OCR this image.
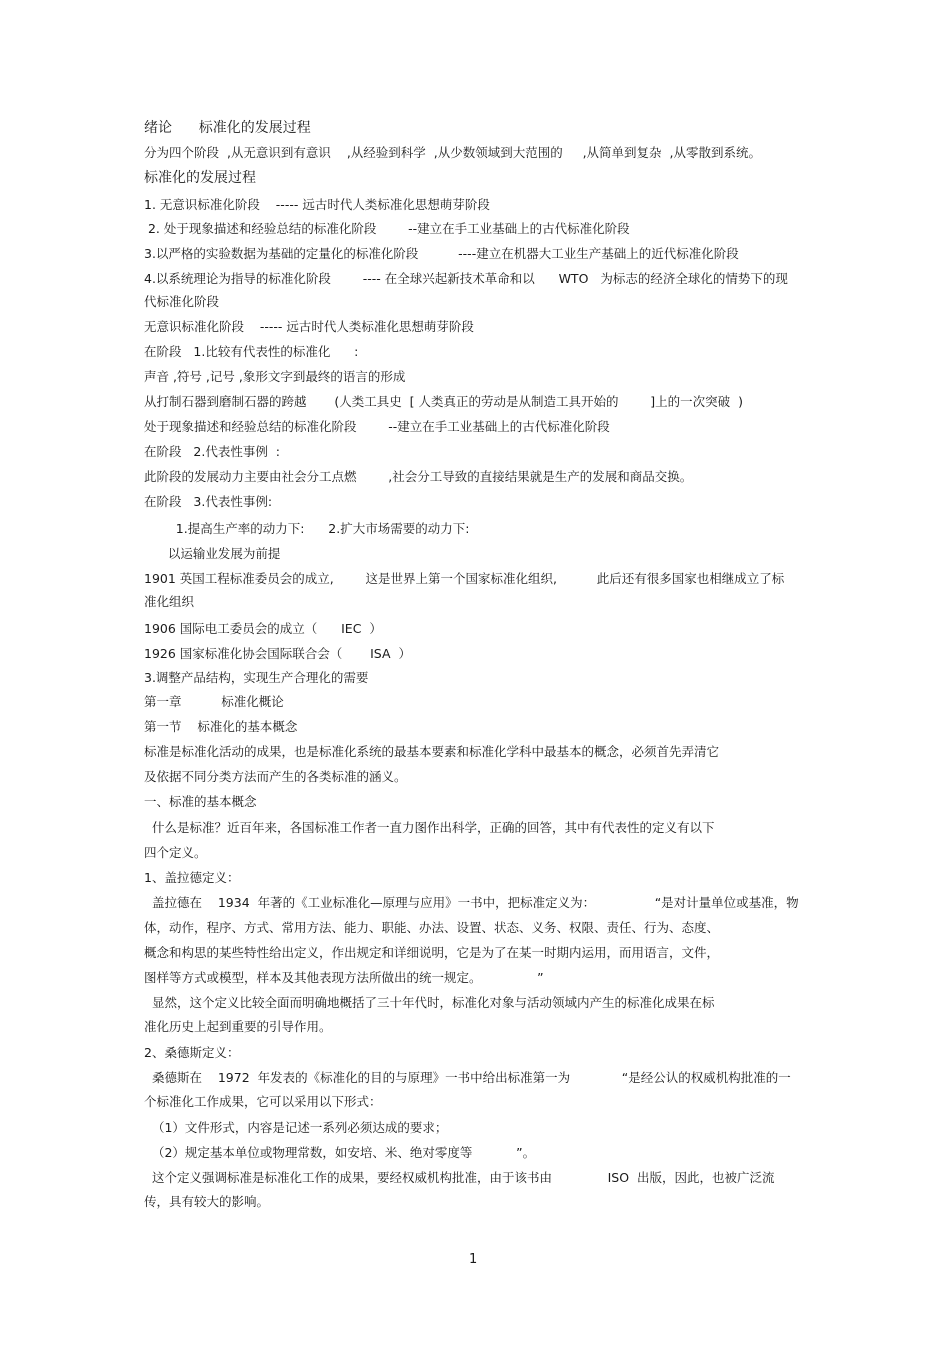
绪论      标准化的发展过程
分为四个阶段  ,从无意识到有意识    ,从经验到科学  ,从少数领域到大范围的     ,从简单到复杂  ,从零散到系统。
标准化的发展过程
1. 无意识标准化阶段    ----- 远古时代人类标准化思想萌芽阶段
2. 处于现象描述和经验总结的标准化阶段        --建立在手工业基础上的古代标准化阶段
3.以严格的实验数据为基础的定量化的标准化阶段          ----建立在机器大工业生产基础上的近代标准化阶段
4.以系统理论为指导的标准化阶段        ---- 在全球兴起新技术革命和以      WTO   为标志的经济全球化的情势下的现
代标准化阶段
无意识标准化阶段    ----- 远古时代人类标准化思想萌芽阶段
在阶段   1.比较有代表性的标准化      :
声音 ,符号 ,记号 ,象形文字到最终的语言的形成
从打制石器到磨制石器的跨越       (人类工具史  [ 人类真正的劳动是从制造工具开始的        ]上的一次突破  )
处于现象描述和经验总结的标准化阶段        --建立在手工业基础上的古代标准化阶段
在阶段   2.代表性事例  :
此阶段的发展动力主要由社会分工点燃        ,社会分工导致的直接结果就是生产的发展和商品交换。
在阶段   3.代表性事例:
1.提高生产率的动力下:      2.扩大市场需要的动力下:
以运输业发展为前提
1901 英国工程标准委员会的成立,        这是世界上第一个国家标准化组织,          此后还有很多国家也相继成立了标
准化组织
1906 国际电工委员会的成立（      IEC  ）
1926 国家标准化协会国际联合会（       ISA  ）
3.调整产品结构，实现生产合理化的需要
第一章          标准化概论
第一节    标准化的基本概念
标准是标准化活动的成果，也是标准化系统的最基本要素和标准化学科中最基本的概念，必须首先弄清它
及依据不同分类方法而产生的各类标准的涵义。
一、标准的基本概念
什么是标准？近百年来，各国标准工作者一直力图作出科学，正确的回答，其中有代表性的定义有以下
四个定义。
1、盖拉德定义：
盖拉德在    1934  年著的《工业标准化—原理与应用》一书中，把标准定义为：               “是对计量单位或基准，物
体，动作，程序、方式、常用方法、能力、职能、办法、设置、状态、义务、权限、责任、行为、态度、
概念和构思的某些特性给出定义，作出规定和详细说明，它是为了在某一时期内运用，而用语言，文件，
图样等方式或模型，样本及其他表现方法所做出的统一规定。              ”
显然，这个定义比较全面而明确地概括了三十年代时，标准化对象与活动领域内产生的标准化成果在标
准化历史上起到重要的引导作用。
2、桑德斯定义：
桑德斯在    1972  年发表的《标准化的目的与原理》一书中给出标准第一为             “是经公认的权威机构批准的一
个标准化工作成果，它可以采用以下形式：
（1）文件形式，内容是记述一系列必须达成的要求；
（2）规定基本单位或物理常数，如安培、米、绝对零度等           ”。
这个定义强调标准是标准化工作的成果，要经权威机构批准，由于该书由              ISO  出版，因此，也被广泛流
传，具有较大的影响。
1
